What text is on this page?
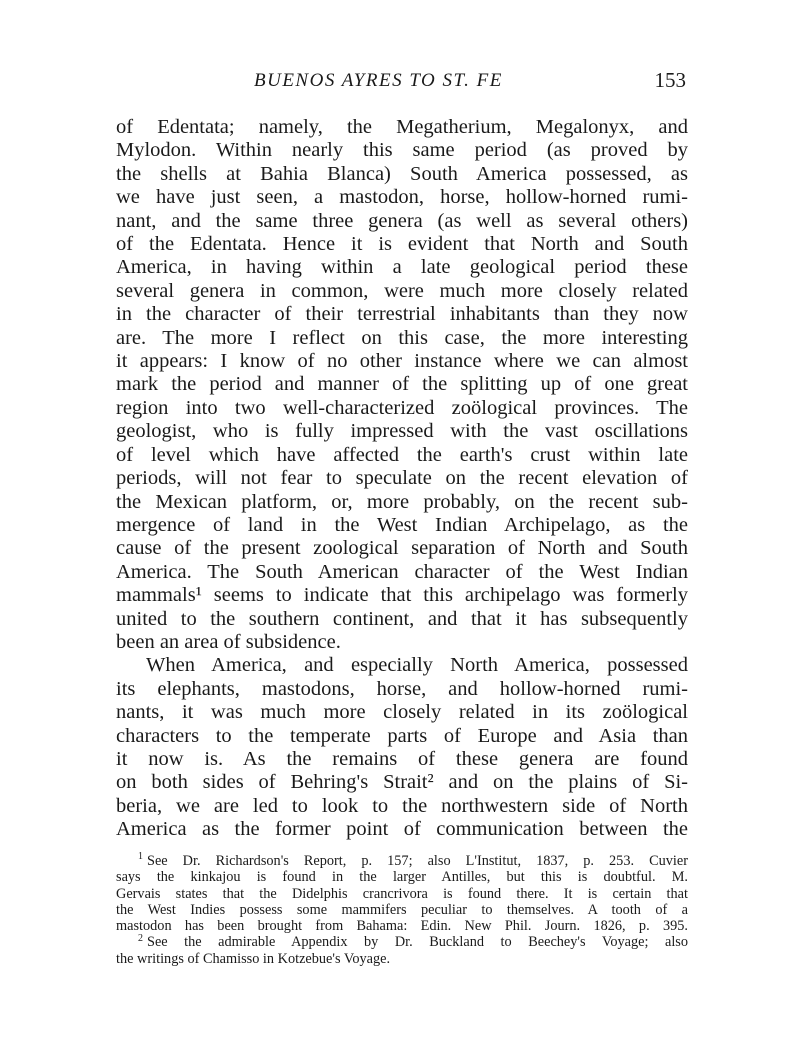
BUENOS AYRES TO ST. FE	153

of Edentata; namely, the Megatherium, Megalonyx, and
Mylodon. Within nearly this same period (as proved by
the shells at Bahia Blanca) South America possessed, as
we have just seen, a mastodon, horse, hollow-horned rumi-
nant, and the same three genera (as well as several others)
of the Edentata. Hence it is evident that North and South
America, in having within a late geological period these
several genera in common, were much more closely related
in the character of their terrestrial inhabitants than they now
are. The more I reflect on this case, the more interesting
it appears: I know of no other instance where we can almost
mark the period and manner of the splitting up of one great
region into two well-characterized zoölogical provinces. The
geologist, who is fully impressed with the vast oscillations
of level which have affected the earth's crust within late
periods, will not fear to speculate on the recent elevation of
the Mexican platform, or, more probably, on the recent sub-
mergence of land in the West Indian Archipelago, as the
cause of the present zoological separation of North and South
America. The South American character of the West Indian
mammals¹ seems to indicate that this archipelago was formerly
united to the southern continent, and that it has subsequently
been an area of subsidence.

When America, and especially North America, possessed
its elephants, mastodons, horse, and hollow-horned rumi-
nants, it was much more closely related in its zoölogical
characters to the temperate parts of Europe and Asia than
it now is. As the remains of these genera are found
on both sides of Behring's Strait² and on the plains of Si-
beria, we are led to look to the northwestern side of North
America as the former point of communication between the

$^1$ See Dr. Richardson's Report, p. 157; also L'Institut, 1837, p. 253. Cuvier
says the kinkajou is found in the larger Antilles, but this is doubtful. M.
Gervais states that the Didelphis crancrivora is found there. It is certain that
the West Indies possess some mammifers peculiar to themselves. A tooth of a
mastodon has been brought from Bahama: Edin. New Phil. Journ. 1826, p. 395.
$^2$ See the admirable Appendix by Dr. Buckland to Beechey's Voyage; also
the writings of Chamisso in Kotzebue's Voyage.
